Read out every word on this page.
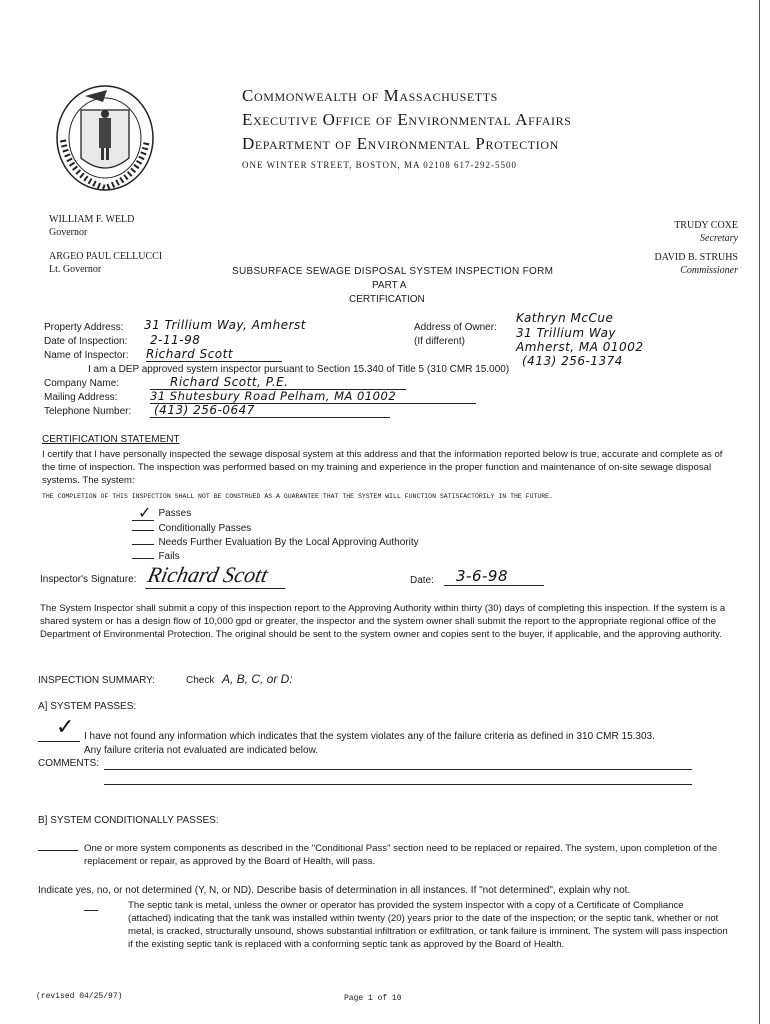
Commonwealth of Massachusetts
Executive Office of Environmental Affairs
Department of Environmental Protection
ONE WINTER STREET, BOSTON, MA 02108 617-292-5500
WILLIAM F. WELD
Governor
ARGEO PAUL CELLUCCI
Lt. Governor
TRUDY COXE
Secretary
DAVID B. STRUHS
Commissioner
SUBSURFACE SEWAGE DISPOSAL SYSTEM INSPECTION FORM
PART A
CERTIFICATION
Property Address: 31 Trillium Way, Amherst
Date of Inspection: 2-11-98
Name of Inspector: Richard Scott
Address of Owner:
(If different)
Kathryn McCue
31 Trillium Way
Amherst, MA 01002
(413) 256-1374
I am a DEP approved system inspector pursuant to Section 15.340 of Title 5 (310 CMR 15.000)
Company Name:	Richard Scott, P.E.
Mailing Address:	31 Shutesbury Road Pelham, MA 01002
Telephone Number:	(413) 256-0647
CERTIFICATION STATEMENT
I certify that I have personally inspected the sewage disposal system at this address and that the information reported below is true, accurate and complete as of the time of inspection. The inspection was performed based on my training and experience in the proper function and maintenance of on-site sewage disposal systems. The system:
THE COMPLETION OF THIS INSPECTION SHALL NOT BE CONSTRUED AS A GUARANTEE THAT THE SYSTEM WILL FUNCTION SATISFACTORILY IN THE FUTURE.
✓ Passes
Conditionally Passes
Needs Further Evaluation By the Local Approving Authority
Fails
Inspector's Signature: Richard Scott	Date:	3-6-98
The System Inspector shall submit a copy of this inspection report to the Approving Authority within thirty (30) days of completing this inspection. If the system is a shared system or has a design flow of 10,000 gpd or greater, the inspector and the system owner shall submit the report to the appropriate regional office of the Department of Environmental Protection. The original should be sent to the system owner and copies sent to the buyer, if applicable, and the approving authority.
INSPECTION SUMMARY:	Check A, B, C, or D:
A] SYSTEM PASSES:
✓ I have not found any information which indicates that the system violates any of the failure criteria as defined in 310 CMR 15.303.
Any failure criteria not evaluated are indicated below.
COMMENTS:
B] SYSTEM CONDITIONALLY PASSES:
One or more system components as described in the "Conditional Pass" section need to be replaced or repaired. The system, upon completion of the replacement or repair, as approved by the Board of Health, will pass.
Indicate yes, no, or not determined (Y, N, or ND). Describe basis of determination in all instances. If "not determined", explain why not.
The septic tank is metal, unless the owner or operator has provided the system inspector with a copy of a Certificate of Compliance (attached) indicating that the tank was installed within twenty (20) years prior to the date of the inspection; or the septic tank, whether or not metal, is cracked, structurally unsound, shows substantial infiltration or exfiltration, or tank failure is imminent. The system will pass inspection if the existing septic tank is replaced with a conforming septic tank as approved by the Board of Health.
(revised 04/25/97)	Page 1 of 10
